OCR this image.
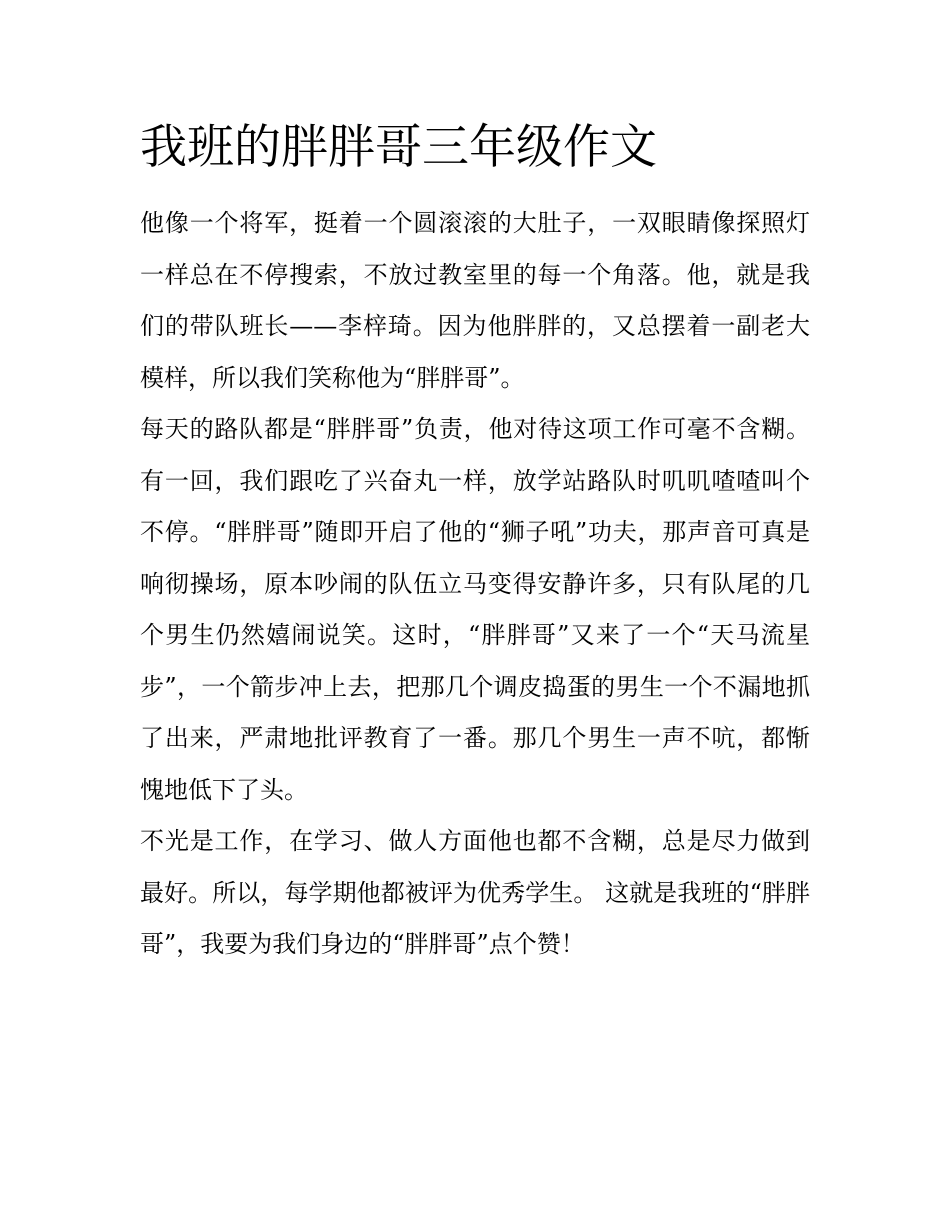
我班的胖胖哥三年级作文

他像一个将军，挺着一个圆滚滚的大肚子，一双眼睛像探照灯一样总在不停搜索，不放过教室里的每一个角落。他，就是我们的带队班长——李梓琦。因为他胖胖的，又总摆着一副老大模样，所以我们笑称他为“胖胖哥”。

每天的路队都是“胖胖哥”负责，他对待这项工作可毫不含糊。有一回，我们跟吃了兴奋丸一样，放学站路队时叽叽喳喳叫个不停。“胖胖哥”随即开启了他的“狮子吼”功夫，那声音可真是响彻操场，原本吵闹的队伍立马变得安静许多，只有队尾的几个男生仍然嬉闹说笑。这时，“胖胖哥”又来了一个“天马流星步”，一个箭步冲上去，把那几个调皮捣蛋的男生一个不漏地抓了出来，严肃地批评教育了一番。那几个男生一声不吭，都惭愧地低下了头。

不光是工作，在学习、做人方面他也都不含糊，总是尽力做到最好。所以，每学期他都被评为优秀学生。 这就是我班的“胖胖哥”，我要为我们身边的“胖胖哥”点个赞！
